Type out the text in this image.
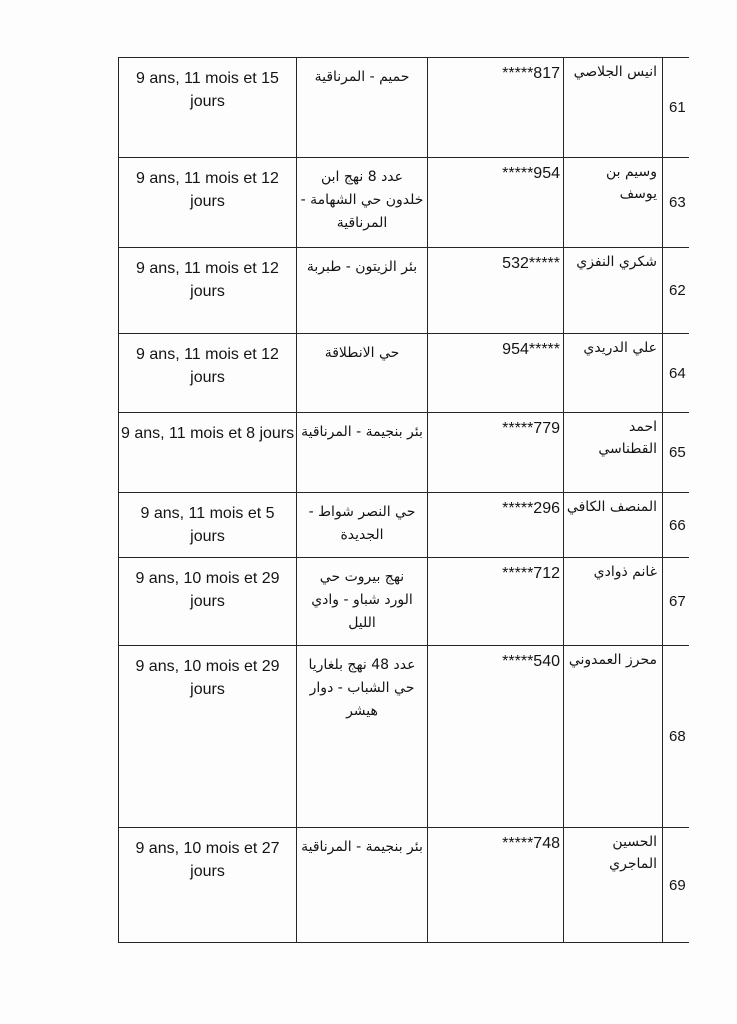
9 ans, 11 mois et 15
jours	حميم - المرناقية	*****817	انيس الجلاصي	61
9 ans, 11 mois et 12
jours	عدد 8 نهج ابن
خلدون حي الشهامة -
المرناقية	*****954	وسيم بن
يوسف	63
9 ans, 11 mois et 12
jours	بئر الزيتون - طبربة	532*****	شكري النفزي	62
9 ans, 11 mois et 12
jours	حي الانطلاقة	954*****	علي الدريدي	64
9 ans, 11 mois et 8 jours	بئر بنجيمة - المرناقية	*****779	احمد القطناسي	65
9 ans, 11 mois et 5
jours	حي النصر شواط -
الجديدة	*****296	المنصف الكافي	66
9 ans, 10 mois et 29
jours	نهج بيروت حي
الورد شباو - وادي
الليل	*****712	غانم ذوادي	67
9 ans, 10 mois et 29
jours	عدد 48 نهج بلغاريا
حي الشباب - دوار
هيشر	*****540	محرز العمدوني	68
9 ans, 10 mois et 27
jours	بئر بنجيمة - المرناقية	*****748	الحسين
الماجري	69
